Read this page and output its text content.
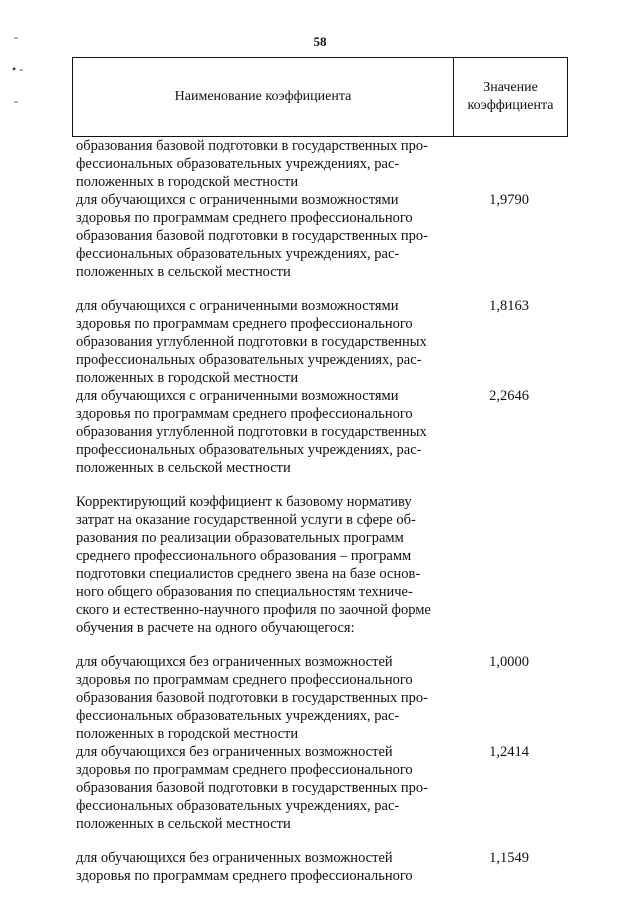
58
-
• -
-	Наименование коэффициента
Значение
коэффициента
образования базовой подготовки в государственных про-
фессиональных образовательных учреждениях, рас-
положенных в городской местности
для обучающихся с ограниченными возможностями
здоровья по программам среднего профессионального
образования базовой подготовки в государственных про-
фессиональных образовательных учреждениях, рас-
положенных в сельской местности
1,9790
для обучающихся с ограниченными возможностями
здоровья по программам среднего профессионального
образования углубленной подготовки в государственных
профессиональных образовательных учреждениях, рас-
положенных в городской местности
1,8163
для обучающихся с ограниченными возможностями
здоровья по программам среднего профессионального
образования углубленной подготовки в государственных
профессиональных образовательных учреждениях, рас-
положенных в сельской местности
2,2646
Корректирующий коэффициент к базовому нормативу
затрат на оказание государственной услуги в сфере об-
разования по реализации образовательных программ
среднего профессионального образования – программ
подготовки специалистов среднего звена на базе основ-
ного общего образования по специальностям техниче-
ского и естественно-научного профиля по заочной форме
обучения в расчете на одного обучающегося:
для обучающихся без ограниченных возможностей
здоровья по программам среднего профессионального
образования базовой подготовки в государственных про-
фессиональных образовательных учреждениях, рас-
положенных в городской местности
1,0000
для обучающихся без ограниченных возможностей
здоровья по программам среднего профессионального
образования базовой подготовки в государственных про-
фессиональных образовательных учреждениях, рас-
положенных в сельской местности
1,2414
для обучающихся без ограниченных возможностей
здоровья по программам среднего профессионального
1,1549
